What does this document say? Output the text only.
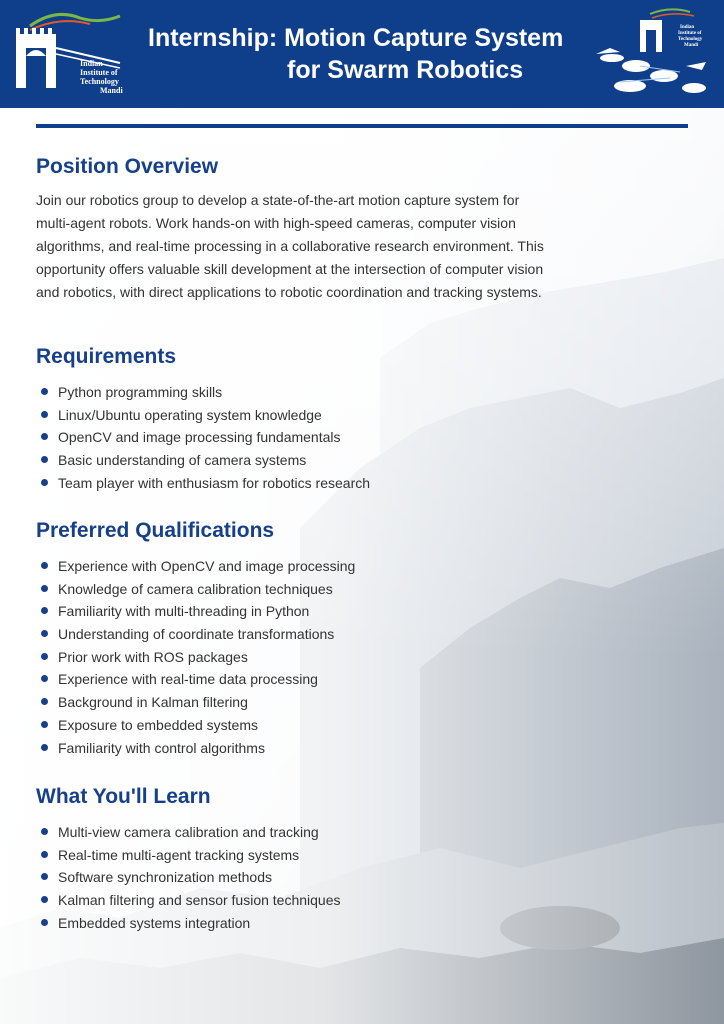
Indian
Institute of
Technology
Mandi
Internship: Motion Capture System
for Swarm Robotics
Indian
Institute of
Technology
Mandi
Position Overview

Join our robotics group to develop a state-of-the-art motion capture system for multi-agent robots. Work hands-on with high-speed cameras, computer vision algorithms, and real-time processing in a collaborative research environment. This opportunity offers valuable skill development at the intersection of computer vision and robotics, with direct applications to robotic coordination and tracking systems.

Requirements
Python programming skills
Linux/Ubuntu operating system knowledge
OpenCV and image processing fundamentals
Basic understanding of camera systems
Team player with enthusiasm for robotics research
Preferred Qualifications
Experience with OpenCV and image processing
Knowledge of camera calibration techniques
Familiarity with multi-threading in Python
Understanding of coordinate transformations
Prior work with ROS packages
Experience with real-time data processing
Background in Kalman filtering
Exposure to embedded systems
Familiarity with control algorithms
What You'll Learn
Multi-view camera calibration and tracking
Real-time multi-agent tracking systems
Software synchronization methods
Kalman filtering and sensor fusion techniques
Embedded systems integration
